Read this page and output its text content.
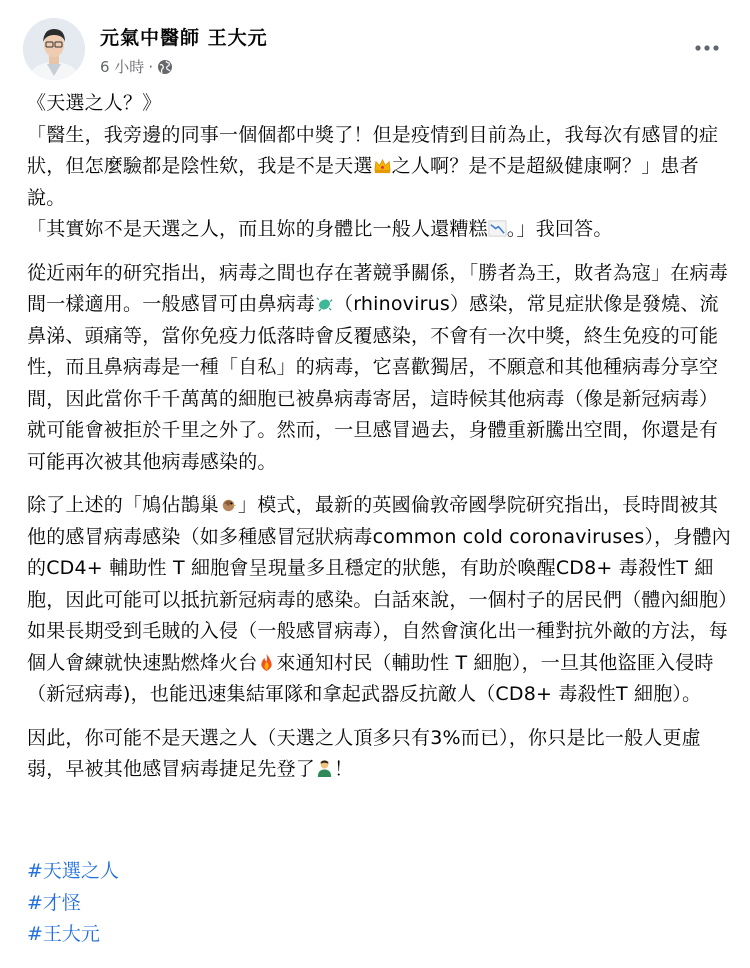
元氣中醫師 王大元
6 小時 ·

《天選之人？》

「醫生，我旁邊的同事一個個都中獎了！但是疫情到目前為止，我每次有感冒的症狀，但怎麼驗都是陰性欸，我是不是天選 之人啊？是不是超級健康啊？」患者說。

「其實妳不是天選之人，而且妳的身體比一般人還糟糕 。」我回答。

從近兩年的研究指出，病毒之間也存在著競爭關係，「勝者為王，敗者為寇」在病毒間一樣適用。一般感冒可由鼻病毒 （rhinovirus）感染，常見症狀像是發燒、流鼻涕、頭痛等，當你免疫力低落時會反覆感染，不會有一次中獎，終生免疫的可能性，而且鼻病毒是一種「自私」的病毒，它喜歡獨居，不願意和其他種病毒分享空間，因此當你千千萬萬的細胞已被鼻病毒寄居，這時候其他病毒（像是新冠病毒）就可能會被拒於千里之外了。然而，一旦感冒過去，身體重新騰出空間，你還是有可能再次被其他病毒感染的。

除了上述的「鳩佔鵲巢 」模式，最新的英國倫敦帝國學院研究指出，長時間被其他的感冒病毒感染（如多種感冒冠狀病毒common cold coronaviruses），身體內的CD4+ 輔助性 T 細胞會呈現量多且穩定的狀態，有助於喚醒CD8+ 毒殺性T 細胞，因此可能可以抵抗新冠病毒的感染。白話來說，一個村子的居民們（體內細胞）如果長期受到毛賊的入侵（一般感冒病毒），自然會演化出一種對抗外敵的方法，每個人會練就快速點燃烽火台 來通知村民（輔助性 T 細胞），一旦其他盜匪入侵時（新冠病毒)，也能迅速集結軍隊和拿起武器反抗敵人（CD8+ 毒殺性T 細胞）。

因此，你可能不是天選之人（天選之人頂多只有3%而已），你只是比一般人更虛弱，早被其他感冒病毒捷足先登了 ！

#天選之人
#才怪
#王大元
